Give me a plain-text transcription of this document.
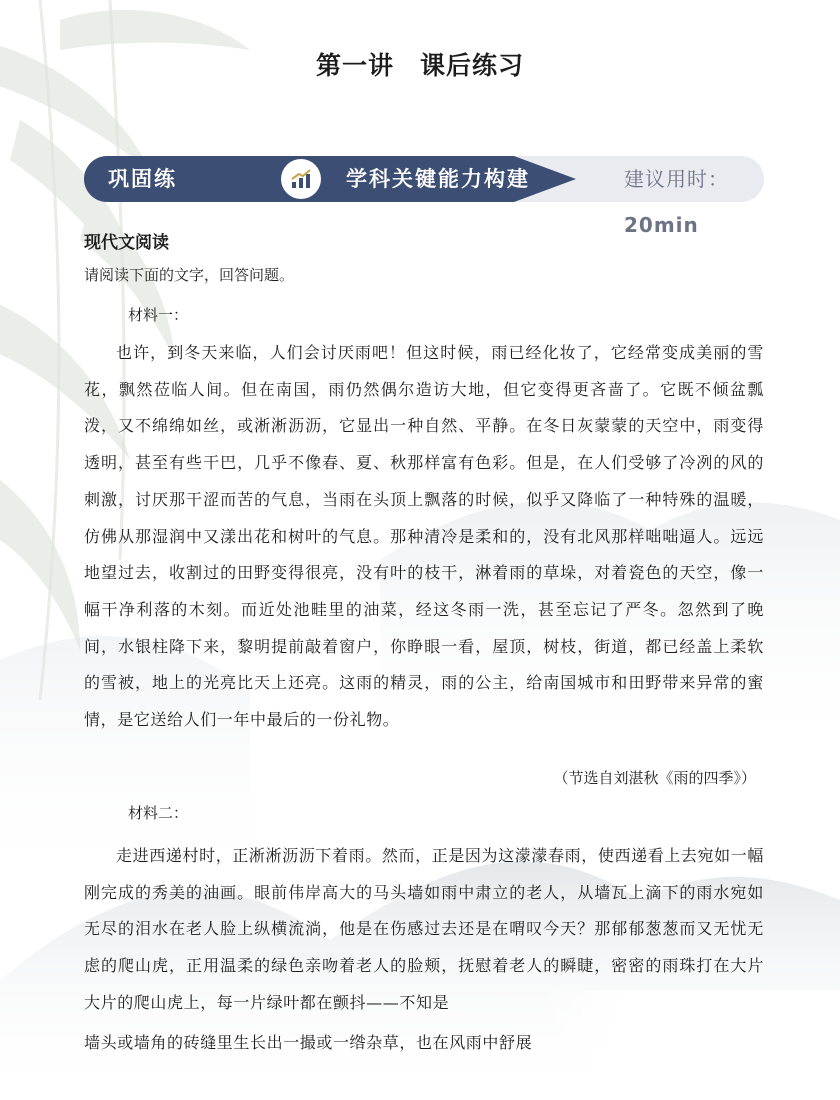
第一讲　课后练习
巩固练	学科关键能力构建	建议用时：20min
现代文阅读
请阅读下面的文字，回答问题。
材料一：
也许，到冬天来临，人们会讨厌雨吧！但这时候，雨已经化妆了，它经常变成美丽的雪花，飘然莅临人间。但在南国，雨仍然偶尔造访大地，但它变得更吝啬了。它既不倾盆瓢泼，又不绵绵如丝，或淅淅沥沥，它显出一种自然、平静。在冬日灰蒙蒙的天空中，雨变得透明，甚至有些干巴，几乎不像春、夏、秋那样富有色彩。但是，在人们受够了冷冽的风的刺激，讨厌那干涩而苦的气息，当雨在头顶上飘落的时候，似乎又降临了一种特殊的温暖，仿佛从那湿润中又漾出花和树叶的气息。那种清冷是柔和的，没有北风那样咄咄逼人。远远地望过去，收割过的田野变得很亮，没有叶的枝干，淋着雨的草垛，对着瓷色的天空，像一幅干净利落的木刻。而近处池畦里的油菜，经这冬雨一洗，甚至忘记了严冬。忽然到了晚间，水银柱降下来，黎明提前敲着窗户，你睁眼一看，屋顶，树枝，街道，都已经盖上柔软的雪被，地上的光亮比天上还亮。这雨的精灵，雨的公主，给南国城市和田野带来异常的蜜情，是它送给人们一年中最后的一份礼物。
（节选自刘湛秋《雨的四季》）
材料二：
走进西递村时，正淅淅沥沥下着雨。然而，正是因为这濛濛春雨，使西递看上去宛如一幅刚完成的秀美的油画。眼前伟岸高大的马头墙如雨中肃立的老人，从墙瓦上滴下的雨水宛如无尽的泪水在老人脸上纵横流淌，他是在伤感过去还是在喟叹今天？那郁郁葱葱而又无忧无虑的爬山虎，正用温柔的绿色亲吻着老人的脸颊，抚慰着老人的瞬睫，密密的雨珠打在大片大片的爬山虎上，每一片绿叶都在颤抖——不知是
墙头或墙角的砖缝里生长出一撮或一绺杂草，也在风雨中舒展
